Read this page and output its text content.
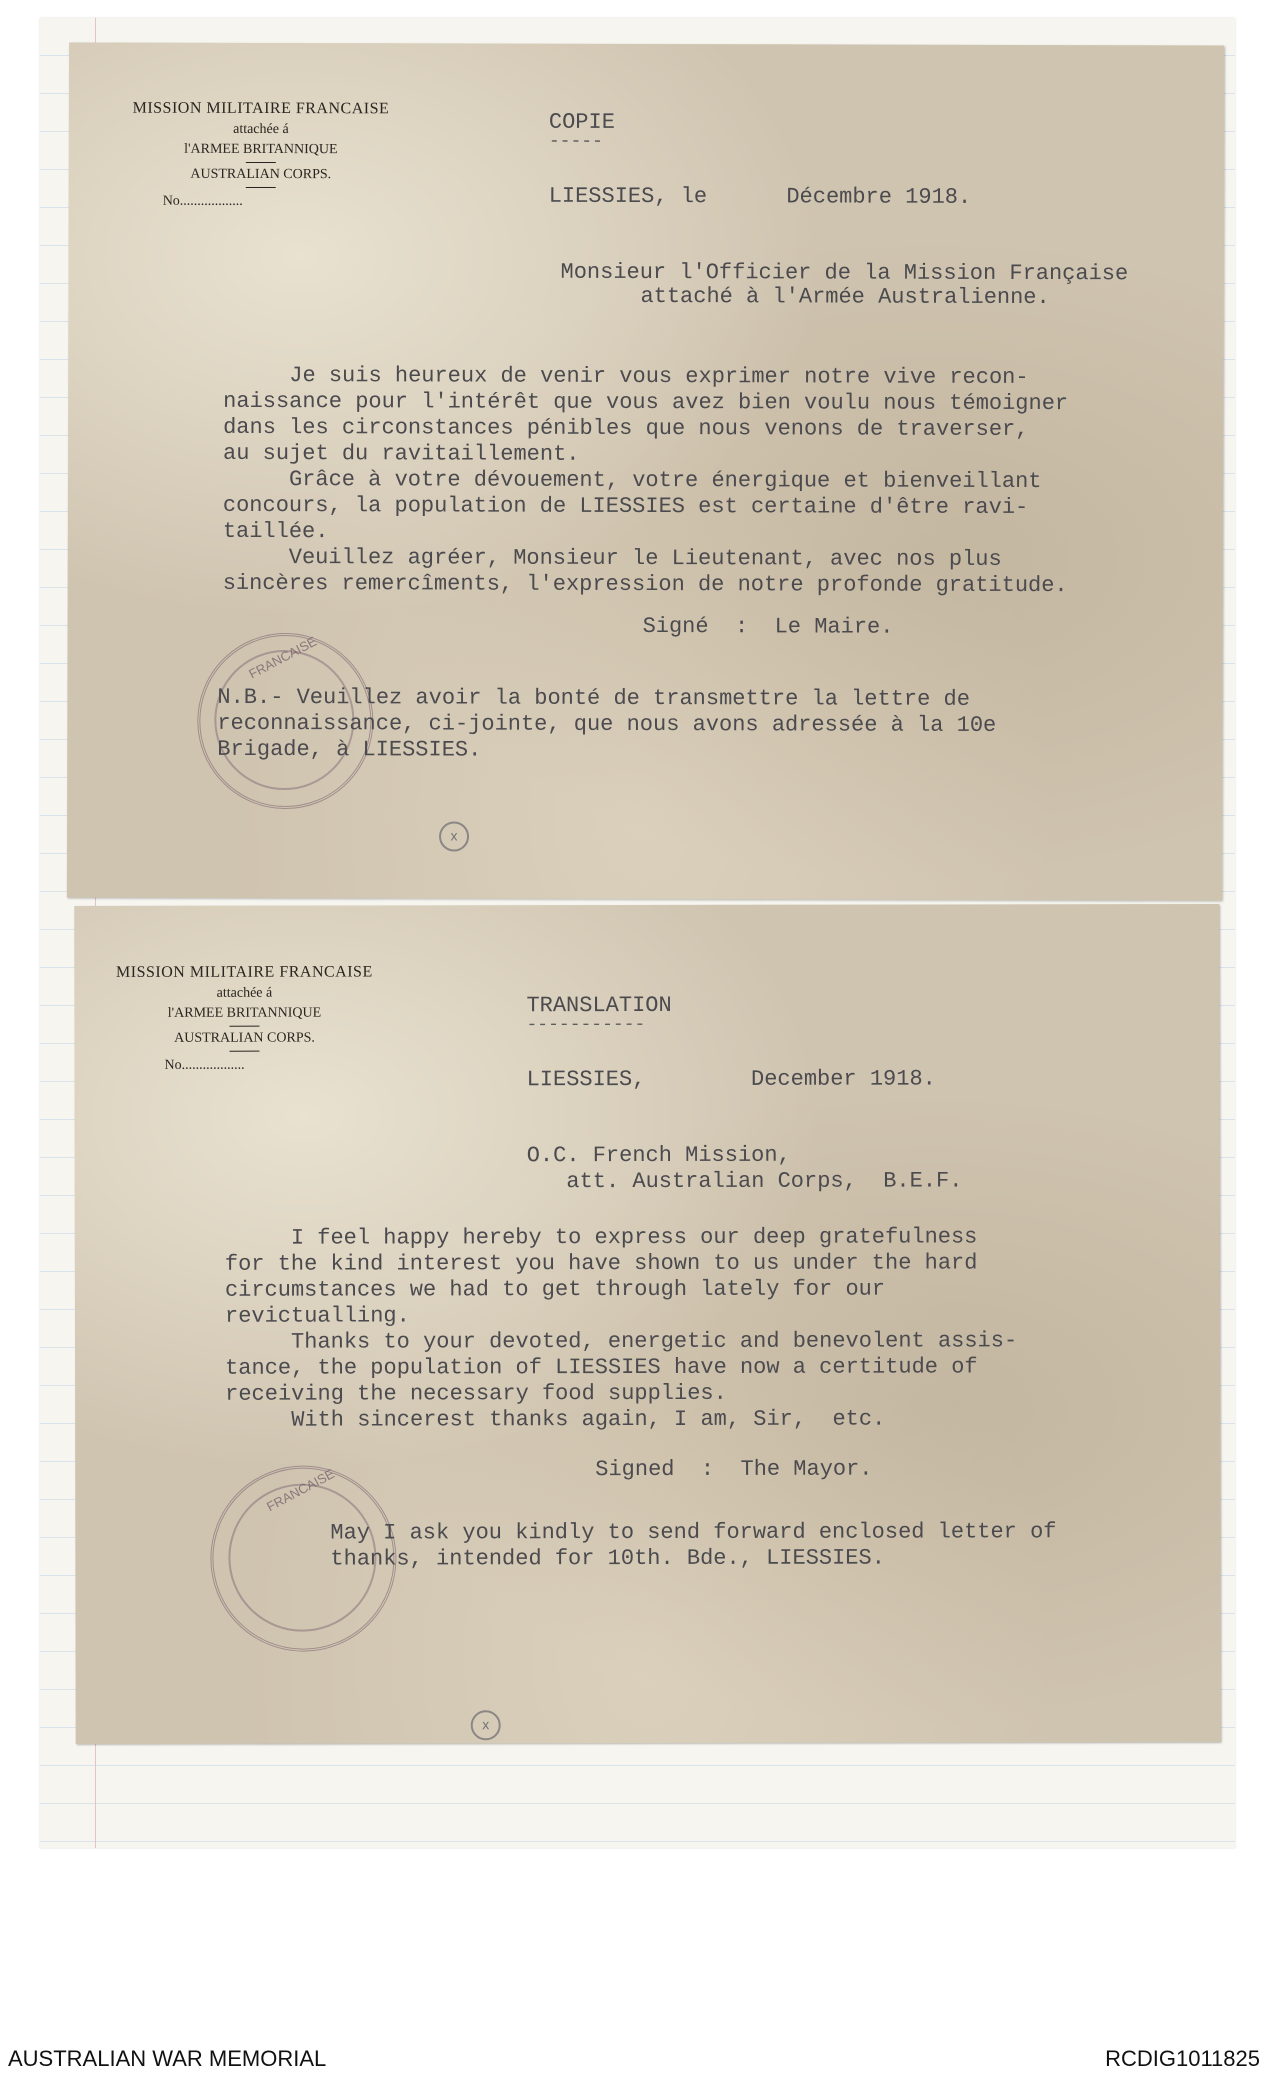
MISSION MILITAIRE FRANCAISE
attachée á
l'ARMEE BRITANNIQUE
AUSTRALIAN CORPS.
No..................
COPIE
-----
LIESSIES, le      Décembre 1918.
Monsieur l'Officier de la Mission Française
attaché à l'Armée Australienne.
Je suis heureux de venir vous exprimer notre vive recon-
naissance pour l'intérêt que vous avez bien voulu nous témoigner
dans les circonstances pénibles que nous venons de traverser,
au sujet du ravitaillement.
Grâce à votre dévouement, votre énergique et bienveillant
concours, la population de LIESSIES est certaine d'être ravi-
taillée.
Veuillez agréer, Monsieur le Lieutenant, avec nos plus
sincères remercîments, l'expression de notre profonde gratitude.
Signé  :  Le Maire.
FRANCAISE
N.B.- Veuillez avoir la bonté de transmettre la lettre de
reconnaissance, ci-jointe, que nous avons adressée à la 10e
Brigade, à LIESSIES.
x
MISSION MILITAIRE FRANCAISE
attachée á
l'ARMEE BRITANNIQUE
AUSTRALIAN CORPS.
No..................
TRANSLATION
-----------
LIESSIES,        December 1918.
O.C. French Mission,
att. Australian Corps,  B.E.F.
I feel happy hereby to express our deep gratefulness
for the kind interest you have shown to us under the hard
circumstances we had to get through lately for our
revictualling.
Thanks to your devoted, energetic and benevolent assis-
tance, the population of LIESSIES have now a certitude of
receiving the necessary food supplies.
With sincerest thanks again, I am, Sir,  etc.
Signed  :  The Mayor.
FRANCAISE
May I ask you kindly to send forward enclosed letter of
thanks, intended for 10th. Bde., LIESSIES.
x
AUSTRALIAN WAR MEMORIAL	RCDIG1011825
